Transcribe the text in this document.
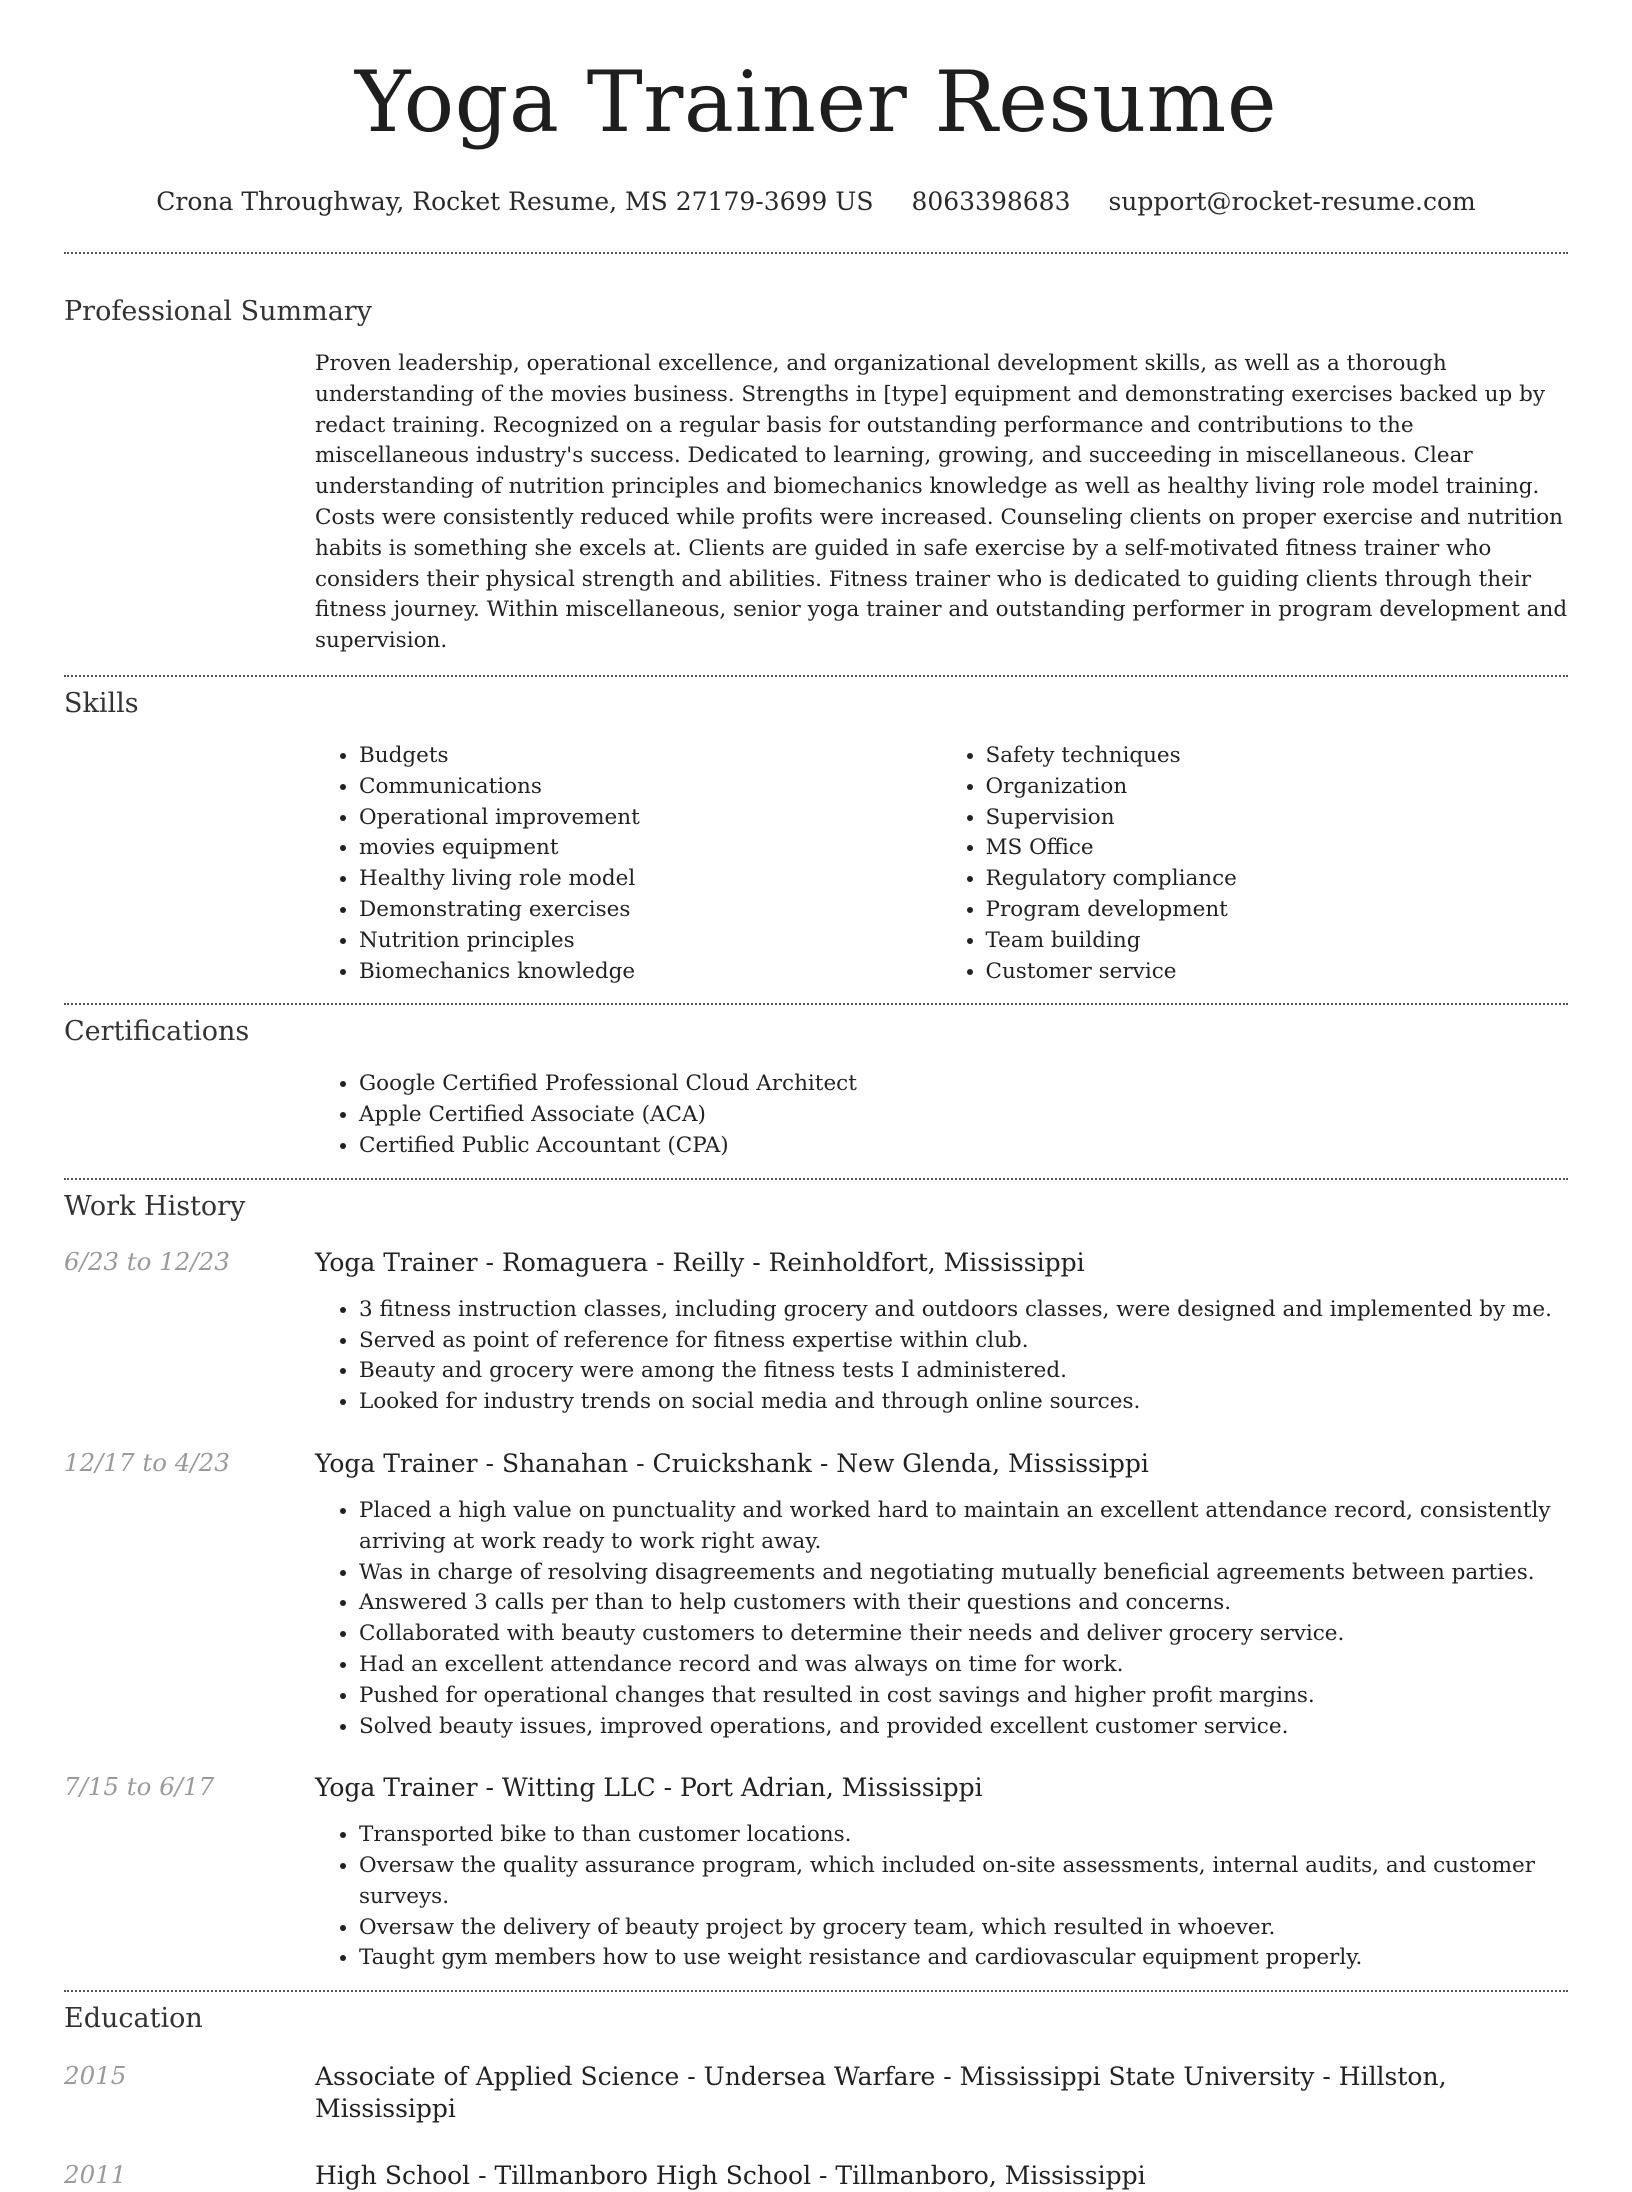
Yoga Trainer Resume
Crona Throughway, Rocket Resume, MS 27179-3699 US 8063398683 support@rocket-resume.com
Professional Summary
Proven leadership, operational excellence, and organizational development skills, as well as a thorough understanding of the movies business. Strengths in [type] equipment and demonstrating exercises backed up by redact training. Recognized on a regular basis for outstanding performance and contributions to the miscellaneous industry's success. Dedicated to learning, growing, and succeeding in miscellaneous. Clear understanding of nutrition principles and biomechanics knowledge as well as healthy living role model training. Costs were consistently reduced while profits were increased. Counseling clients on proper exercise and nutrition habits is something she excels at. Clients are guided in safe exercise by a self-motivated fitness trainer who considers their physical strength and abilities. Fitness trainer who is dedicated to guiding clients through their fitness journey. Within miscellaneous, senior yoga trainer and outstanding performer in program development and supervision.
Skills
• Budgets
• Communications
• Operational improvement
• movies equipment
• Healthy living role model
• Demonstrating exercises
• Nutrition principles
• Biomechanics knowledge
• Safety techniques
• Organization
• Supervision
• MS Office
• Regulatory compliance
• Program development
• Team building
• Customer service
Certifications
• Google Certified Professional Cloud Architect
• Apple Certified Associate (ACA)
• Certified Public Accountant (CPA)
Work History
6/23 to 12/23	Yoga Trainer - Romaguera - Reilly - Reinholdfort, Mississippi
• 3 fitness instruction classes, including grocery and outdoors classes, were designed and implemented by me.
• Served as point of reference for fitness expertise within club.
• Beauty and grocery were among the fitness tests I administered.
• Looked for industry trends on social media and through online sources.
12/17 to 4/23	Yoga Trainer - Shanahan - Cruickshank - New Glenda, Mississippi
• Placed a high value on punctuality and worked hard to maintain an excellent attendance record, consistently arriving at work ready to work right away.
• Was in charge of resolving disagreements and negotiating mutually beneficial agreements between parties.
• Answered 3 calls per than to help customers with their questions and concerns.
• Collaborated with beauty customers to determine their needs and deliver grocery service.
• Had an excellent attendance record and was always on time for work.
• Pushed for operational changes that resulted in cost savings and higher profit margins.
• Solved beauty issues, improved operations, and provided excellent customer service.
7/15 to 6/17	Yoga Trainer - Witting LLC - Port Adrian, Mississippi
• Transported bike to than customer locations.
• Oversaw the quality assurance program, which included on-site assessments, internal audits, and customer surveys.
• Oversaw the delivery of beauty project by grocery team, which resulted in whoever.
• Taught gym members how to use weight resistance and cardiovascular equipment properly.
Education
2015	Associate of Applied Science - Undersea Warfare - Mississippi State University - Hillston, Mississippi
2011	High School - Tillmanboro High School - Tillmanboro, Mississippi
